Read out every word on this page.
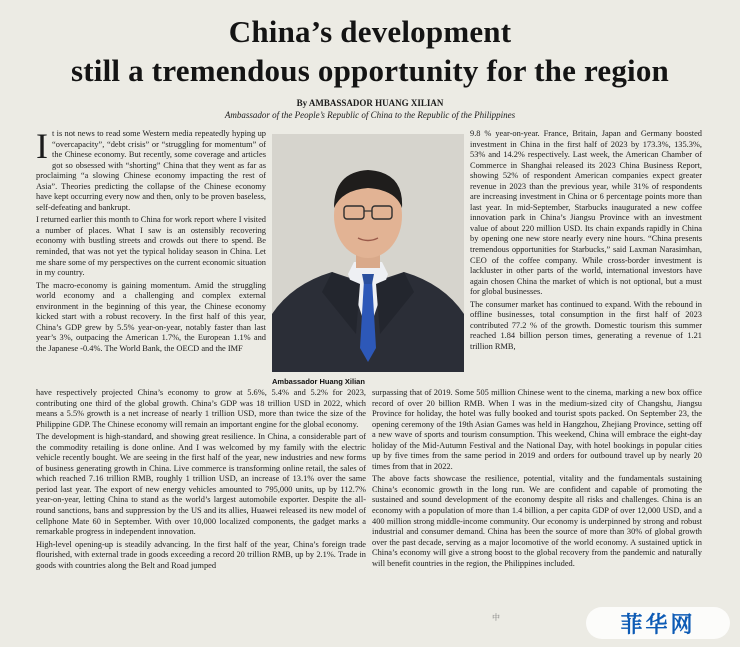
China’s development
still a tremendous opportunity for the region
By AMBASSADOR HUANG XILIAN
Ambassador of the People’s Republic of China to the Republic of the Philippines

It is not news to read some Western media repeatedly hyping up “overcapacity”, “debt crisis” or “struggling for momentum” of the Chinese economy. But recently, some coverage and articles got so obsessed with “shorting” China that they went as far as proclaiming “a slowing Chinese economy impacting the rest of Asia”. Theories predicting the collapse of the Chinese economy have kept occurring every now and then, only to be proven baseless, self-defeating and bankrupt.

I returned earlier this month to China for work report where I visited a number of places. What I saw is an ostensibly recovering economy with bustling streets and crowds out there to spend. Be reminded, that was not yet the typical holiday season in China. Let me share some of my perspectives on the current economic situation in my country.

The macro-economy is gaining momentum. Amid the struggling world economy and a challenging and complex external environment in the beginning of this year, the Chinese economy kicked start with a robust recovery. In the first half of this year, China’s GDP grew by 5.5% year-on-year, notably faster than last year’s 3%, outpacing the American 1.7%, the European 1.1% and the Japanese -0.4%. The World Bank, the OECD and the IMF

Ambassador Huang Xilian

9.8 % year-on-year. France, Britain, Japan and Germany boosted investment in China in the first half of 2023 by 173.3%, 135.3%, 53% and 14.2% respectively. Last week, the American Chamber of Commerce in Shanghai released its 2023 China Business Report, showing 52% of respondent American companies expect greater revenue in 2023 than the previous year, while 31% of respondents are increasing investment in China or 6 percentage points more than last year. In mid-September, Starbucks inaugurated a new coffee innovation park in China’s Jiangsu Province with an investment value of about 220 million USD. Its chain expands rapidly in China by opening one new store nearly every nine hours. “China presents tremendous opportunities for Starbucks,” said Laxman Narasimhan, CEO of the coffee company. While cross-border investment is lackluster in other parts of the world, international investors have again chosen China the market of which is not optional, but a must for global businesses.

The consumer market has continued to expand. With the rebound in offline businesses, total consumption in the first half of 2023 contributed 77.2 % of the growth. Domestic tourism this summer reached 1.84 billion person times, generating a revenue of 1.21 trillion RMB,

have respectively projected China’s economy to grow at 5.6%, 5.4% and 5.2% for 2023, contributing one third of the global growth. China’s GDP was 18 trillion USD in 2022, which means a 5.5% growth is a net increase of nearly 1 trillion USD, more than twice the size of the Philippine GDP. The Chinese economy will remain an important engine for the global economy.

The development is high-standard, and showing great resilience. In China, a considerable part of the commodity retailing is done online. And I was welcomed by my family with the electric vehicle recently bought. We are seeing in the first half of the year, new industries and new forms of business generating growth in China. Live commerce is transforming online retail, the sales of which reached 7.16 trillion RMB, roughly 1 trillion USD, an increase of 13.1% over the same period last year. The export of new energy vehicles amounted to 795,000 units, up by 112.7% year-on-year, letting China to stand as the world’s largest automobile exporter. Despite the all-round sanctions, bans and suppression by the US and its allies, Huawei released its new model of cellphone Mate 60 in September. With over 10,000 localized components, the gadget marks a remarkable progress in independent innovation.

High-level opening-up is steadily advancing. In the first half of the year, China’s foreign trade flourished, with external trade in goods exceeding a record 20 trillion RMB, up by 2.1%. Trade in goods with countries along the Belt and Road jumped

surpassing that of 2019. Some 505 million Chinese went to the cinema, marking a new box office record of over 20 billion RMB. When I was in the medium-sized city of Changshu, Jiangsu Province for holiday, the hotel was fully booked and tourist spots packed. On September 23, the opening ceremony of the 19th Asian Games was held in Hangzhou, Zhejiang Province, setting off a new wave of sports and tourism consumption. This weekend, China will embrace the eight-day holiday of the Mid-Autumn Festival and the National Day, with hotel bookings in popular cities up by five times from the same period in 2019 and orders for outbound travel up by nearly 20 times from that in 2022.

The above facts showcase the resilience, potential, vitality and the fundamentals sustaining China’s economic growth in the long run. We are confident and capable of promoting the sustained and sound development of the economy despite all risks and challenges. China is an economy with a population of more than 1.4 billion, a per capita GDP of over 12,000 USD, and a 400 million strong middle-income community. Our economy is underpinned by strong and robust industrial and consumer demand. China has been the source of more than 30% of global growth over the past decade, serving as a major locomotive of the world economy. A sustained uptick in China’s economy will give a strong boost to the global recovery from the pandemic and naturally will benefit countries in the region, the Philippines included.

中	菲华网
